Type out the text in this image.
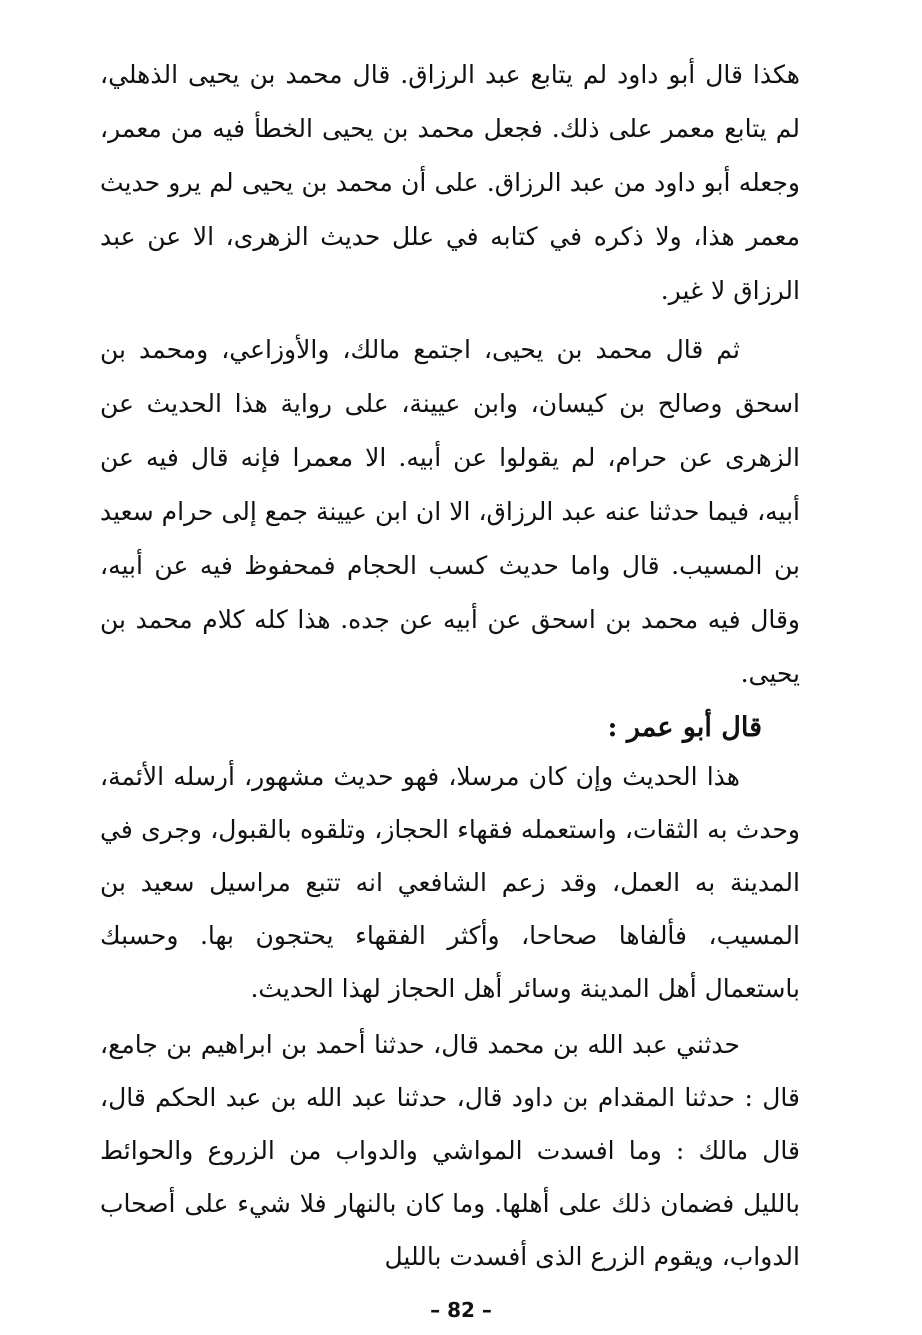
هكذا قال أبو داود لم يتابع عبد الرزاق. قال محمد بن يحيى الذهلي، لم يتابع معمر على ذلك. فجعل محمد بن يحيى الخطأ فيه من معمر، وجعله أبو داود من عبد الرزاق. على أن محمد بن يحيى لم يرو حديث معمر هذا، ولا ذكره في كتابه في علل حديث الزهرى، الا عن عبد الرزاق لا غير.

ثم قال محمد بن يحيى، اجتمع مالك، والأوزاعي، ومحمد بن اسحق وصالح بن كيسان، وابن عيينة، على رواية هذا الحديث عن الزهرى عن حرام، لم يقولوا عن أبيه. الا معمرا فإنه قال فيه عن أبيه، فيما حدثنا عنه عبد الرزاق، الا ان ابن عيينة جمع إلى حرام سعيد بن المسيب. قال واما حديث كسب الحجام فمحفوظ فيه عن أبيه، وقال فيه محمد بن اسحق عن أبيه عن جده. هذا كله كلام محمد بن يحيى.

قال أبو عمر :

هذا الحديث وإن كان مرسلا، فهو حديث مشهور، أرسله الأئمة، وحدث به الثقات، واستعمله فقهاء الحجاز، وتلقوه بالقبول، وجرى في المدينة به العمل، وقد زعم الشافعي انه تتبع مراسيل سعيد بن المسيب، فألفاها صحاحا، وأكثر الفقهاء يحتجون بها. وحسبك باستعمال أهل المدينة وسائر أهل الحجاز لهذا الحديث.

حدثني عبد الله بن محمد قال، حدثنا أحمد بن ابراهيم بن جامع، قال : حدثنا المقدام بن داود قال، حدثنا عبد الله بن عبد الحكم قال، قال مالك : وما افسدت المواشي والدواب من الزروع والحوائط بالليل فضمان ذلك على أهلها. وما كان بالنهار فلا شيء على أصحاب الدواب، ويقوم الزرع الذى أفسدت بالليل

– 82 –
